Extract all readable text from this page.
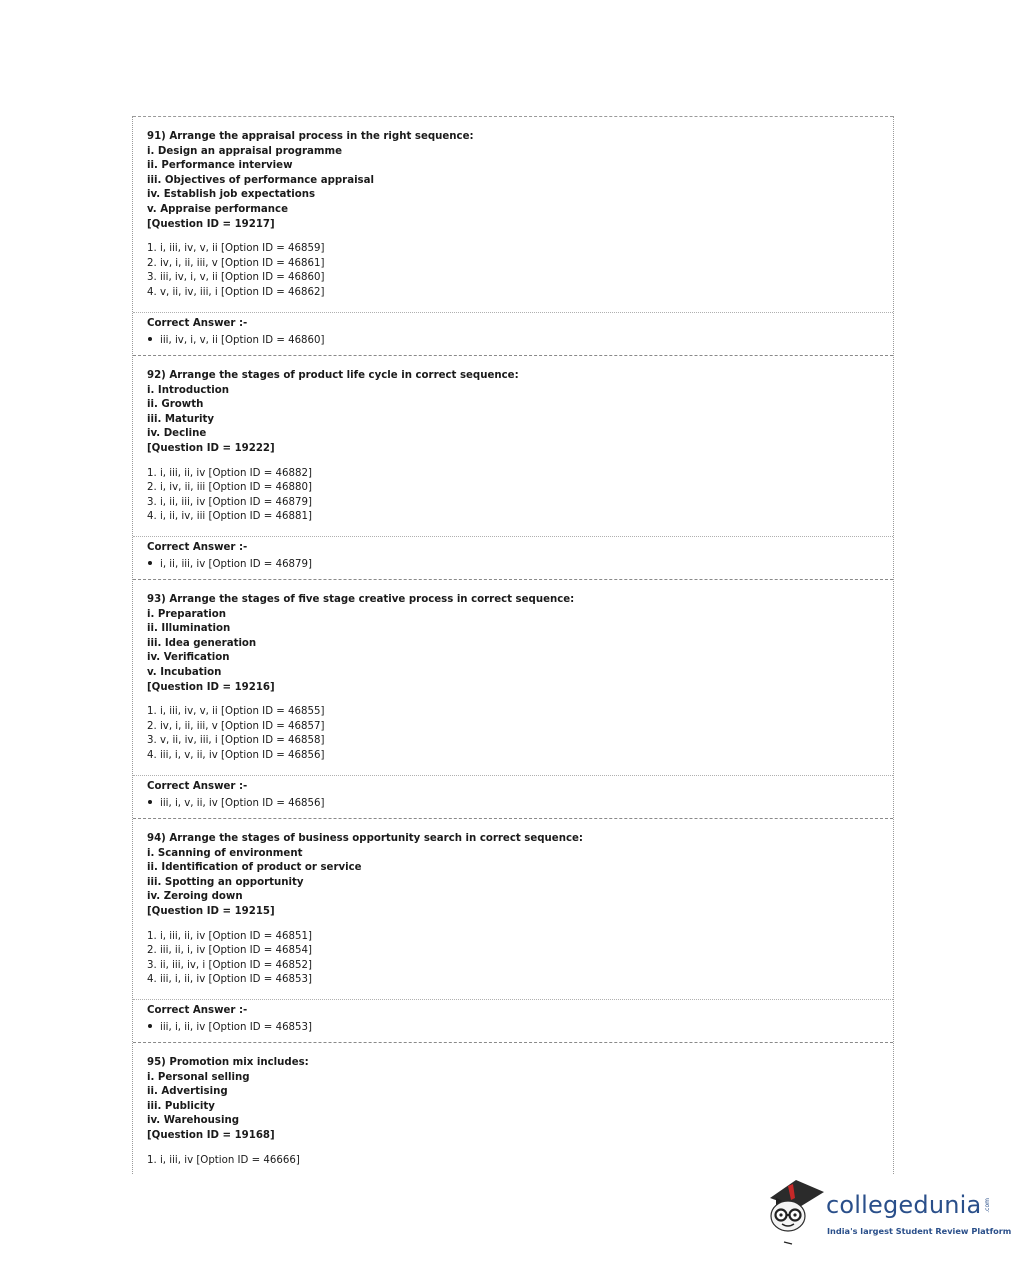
91) Arrange the appraisal process in the right sequence:
i. Design an appraisal programme
ii. Performance interview
iii. Objectives of performance appraisal
iv. Establish job expectations
v. Appraise performance
[Question ID = 19217]
1. i, iii, iv, v, ii [Option ID = 46859]
2. iv, i, ii, iii, v [Option ID = 46861]
3. iii, iv, i, v, ii [Option ID = 46860]
4. v, ii, iv, iii, i [Option ID = 46862]
Correct Answer :-
iii, iv, i, v, ii [Option ID = 46860]
92) Arrange the stages of product life cycle in correct sequence:
i. Introduction
ii. Growth
iii. Maturity
iv. Decline
[Question ID = 19222]
1. i, iii, ii, iv [Option ID = 46882]
2. i, iv, ii, iii [Option ID = 46880]
3. i, ii, iii, iv [Option ID = 46879]
4. i, ii, iv, iii [Option ID = 46881]
Correct Answer :-
i, ii, iii, iv [Option ID = 46879]
93) Arrange the stages of five stage creative process in correct sequence:
i. Preparation
ii. Illumination
iii. Idea generation
iv. Verification
v. Incubation
[Question ID = 19216]
1. i, iii, iv, v, ii [Option ID = 46855]
2. iv, i, ii, iii, v [Option ID = 46857]
3. v, ii, iv, iii, i [Option ID = 46858]
4. iii, i, v, ii, iv [Option ID = 46856]
Correct Answer :-
iii, i, v, ii, iv [Option ID = 46856]
94) Arrange the stages of business opportunity search in correct sequence:
i. Scanning of environment
ii. Identification of product or service
iii. Spotting an opportunity
iv. Zeroing down
[Question ID = 19215]
1. i, iii, ii, iv [Option ID = 46851]
2. iii, ii, i, iv [Option ID = 46854]
3. ii, iii, iv, i [Option ID = 46852]
4. iii, i, ii, iv [Option ID = 46853]
Correct Answer :-
iii, i, ii, iv [Option ID = 46853]
95) Promotion mix includes:
i. Personal selling
ii. Advertising
iii. Publicity
iv. Warehousing
[Question ID = 19168]
1. i, iii, iv [Option ID = 46666]
collegedunia .com
India's largest Student Review Platform
